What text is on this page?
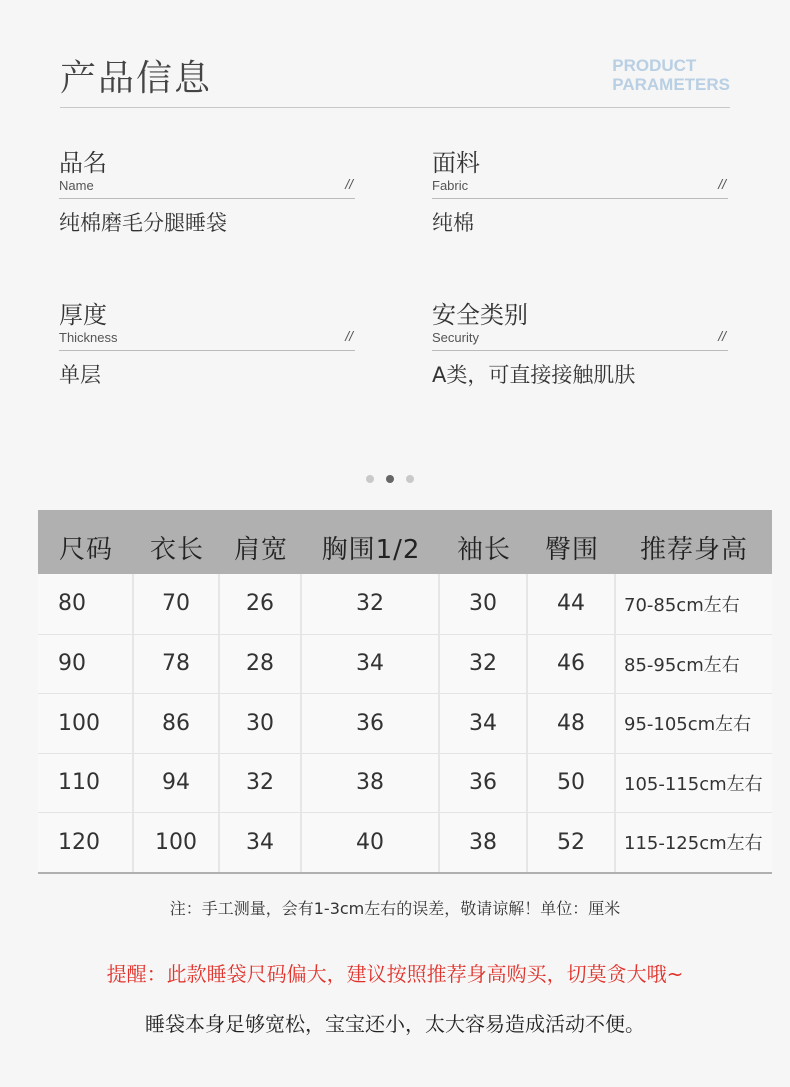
产品信息	PRODUCT
PARAMETERS
品名
Name	//
纯棉磨毛分腿睡袋
面料
Fabric	//
纯棉
厚度
Thickness	//
单层
安全类别
Security	//
A类，可直接接触肌肤
尺码	衣长	肩宽	胸围1/2	袖长	臀围	推荐身高
80	70	26	32	30	44	70-85cm左右
90	78	28	34	32	46	85-95cm左右
100	86	30	36	34	48	95-105cm左右
110	94	32	38	36	50	105-115cm左右
120	100	34	40	38	52	115-125cm左右
注：手工测量，会有1-3cm左右的误差，敬请谅解！单位：厘米
提醒：此款睡袋尺码偏大，建议按照推荐身高购买，切莫贪大哦~
睡袋本身足够宽松，宝宝还小，太大容易造成活动不便。
